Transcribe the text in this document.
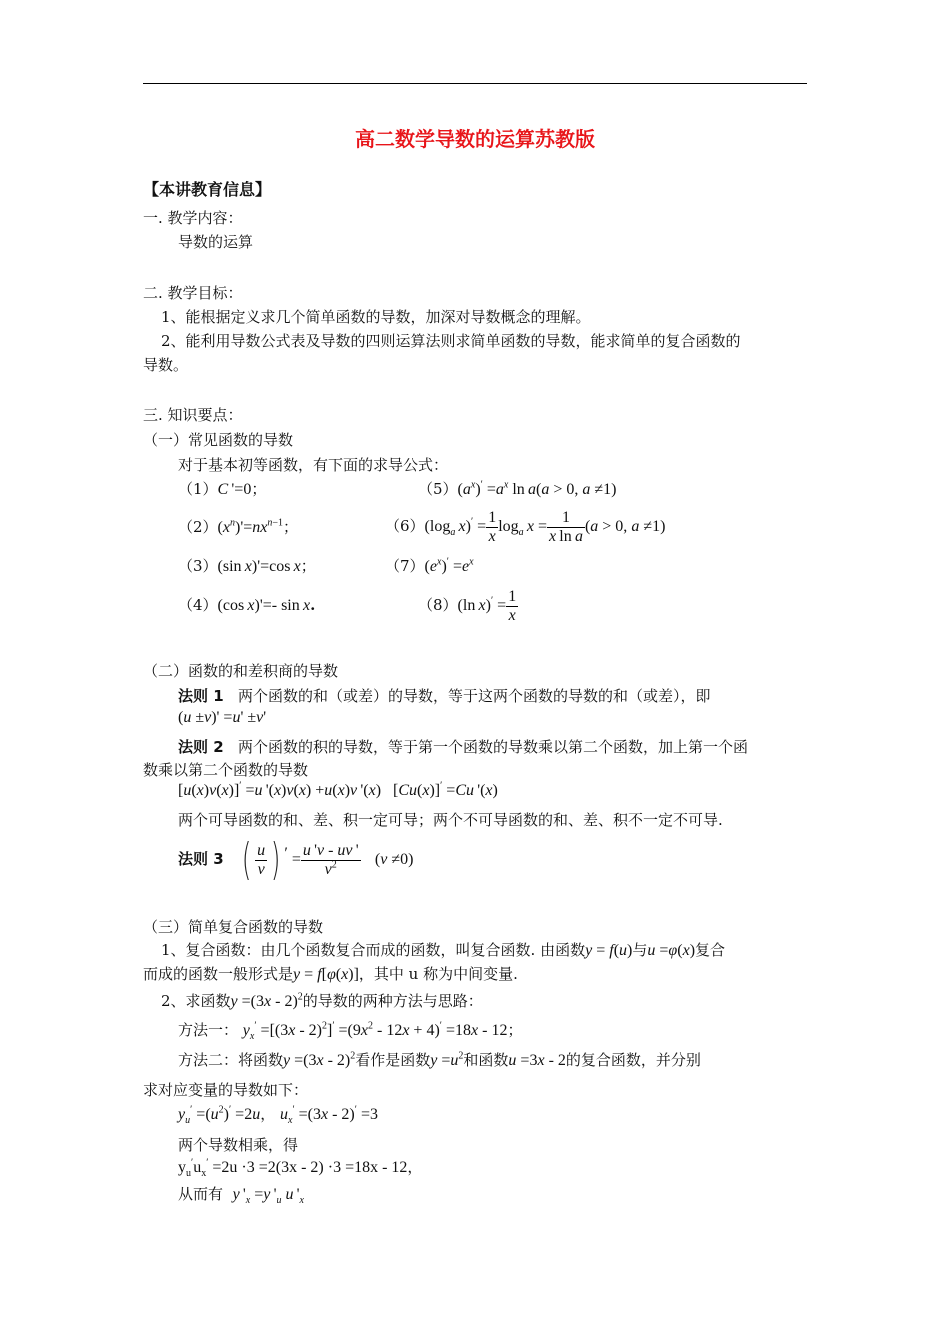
高二数学导数的运算苏教版
【本讲教育信息】
一. 教学内容：
导数的运算
二. 教学目标：
1、能根据定义求几个简单函数的导数，加深对导数概念的理解。
2、能利用导数公式表及导数的四则运算法则求简单函数的导数，能求简单的复合函数的
导数。
三. 知识要点：
（一）常见函数的导数
对于基本初等函数，有下面的求导公式：
（1）C '=0；
$(2)(x^n)'=nx^{n-1}$；
（3）(sin x)'=cos x；
（4）(cos x)'=- sin x.
$(5)(a^x)' =a^x$ ln a(a > 0, a ≠1)
$(6)(\log_a$  $x)' = \frac{1}{x} \log_a x = \frac{1}{\text{x ln a}} (a > 0$, a ≠1)
$(7)(e^x)' =e^x$
（8）(ln $x)' = \frac{1}{x}$
（二）函数的和差积商的导数
法则 1 两个函数的和（或差）的导数，等于这两个函数的导数的和（或差），即
(u ±v)' =u' ±v'
法则 2 两个函数的积的导数，等于第一个函数的导数乘以第二个函数，加上第一个函
数乘以第二个函数的导数
[u(x)v(x)]′ =u '(x)v(x) +u(x)v '(x)   [Cu(x)]′ =Cu '(x)
两个可导函数的和、差、积一定可导；两个不可导函数的和、差、积不一定不可导.
法则 3 ( $\frac{u}{v}$ ) $' = \frac{u 'v - uv '}{v^2} (v \ne 0)$
（三）简单复合函数的导数
1、复合函数：由几个函数复合而成的函数，叫复合函数. 由函数y = f(u)与u =φ(x)复合
而成的函数一般形式是y = f[φ(x)]，其中 u 称为中间变量.
2、求函数y =(3x - 2)$^2$的导数的两种方法与思路：
方法一： $y_x' =[(3x - 2)^2]' =(9x^2 - 12x + 4)' =18x - 12$；
方法二：将函数y =(3x - 2)$^2$看作是函数$y =u^2$和函数u =3x - 2的复合函数，并分别
求对应变量的导数如下：
$y_u' =(u^2)' =2u$， $u_x' =(3x - 2)' =3$
两个导数相乘，得
$y_u'u_x' =2u \cdot 3 =2(3x - 2) \cdot 3 =18x - 12$，
从而有 y '$_x =y$ '$_u$ u '$_x$
